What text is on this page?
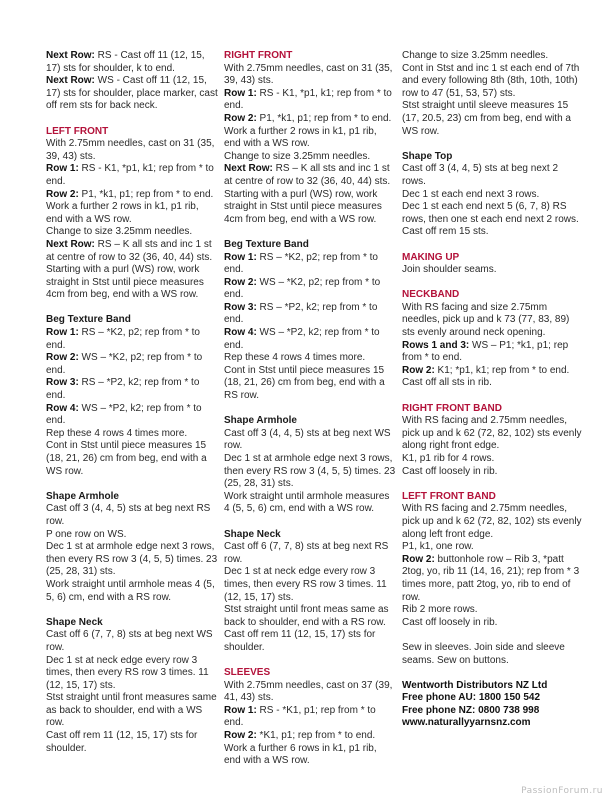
Next Row: RS - Cast off 11 (12, 15, 17) sts for shoulder, k to end.

Next Row: WS - Cast off 11 (12, 15, 17) sts for shoulder, place marker, cast off rem sts for back neck.

LEFT FRONT

With 2.75mm needles, cast on 31 (35, 39, 43) sts.

Row 1: RS - K1, *p1, k1; rep from * to end.

Row 2: P1, *k1, p1; rep from * to end.

Work a further 2 rows in k1, p1 rib, end with a WS row.

Change to size 3.25mm needles.

Next Row: RS – K all sts and inc 1 st at centre of row to 32 (36, 40, 44) sts.

Starting with a purl (WS) row, work straight in Stst until piece measures 4cm from beg, end with a WS row.

Beg Texture Band

Row 1: RS – *K2, p2; rep from * to end.

Row 2: WS – *K2, p2; rep from * to end.

Row 3: RS – *P2, k2; rep from * to end.

Row 4: WS – *P2, k2; rep from * to end.

Rep these 4 rows 4 times more.

Cont in Stst until piece measures 15 (18, 21, 26) cm from beg, end with a WS row.

Shape Armhole

Cast off 3 (4, 4, 5) sts at beg next RS row.

P one row on WS.

Dec 1 st at armhole edge next 3 rows, then every RS row 3 (4, 5, 5) times. 23 (25, 28, 31) sts.

Work straight until armhole meas 4 (5, 5, 6) cm, end with a RS row.

Shape Neck

Cast off 6 (7, 7, 8) sts at beg next WS row.

Dec 1 st at neck edge every row 3 times, then every RS row 3 times. 11 (12, 15, 17) sts.

Stst straight until front measures same as back to shoulder, end with a WS row.

Cast off rem 11 (12, 15, 17) sts for shoulder.

RIGHT FRONT

With 2.75mm needles, cast on 31 (35, 39, 43) sts.

Row 1: RS - K1, *p1, k1; rep from * to end.

Row 2: P1, *k1, p1; rep from * to end.

Work a further 2 rows in k1, p1 rib, end with a WS row.

Change to size 3.25mm needles.

Next Row: RS – K all sts and inc 1 st at centre of row to 32 (36, 40, 44) sts.

Starting with a purl (WS) row, work straight in Stst until piece measures 4cm from beg, end with a WS row.

Beg Texture Band

Row 1: RS – *K2, p2; rep from * to end.

Row 2: WS – *K2, p2; rep from * to end.

Row 3: RS – *P2, k2; rep from * to end.

Row 4: WS – *P2, k2; rep from * to end.

Rep these 4 rows 4 times more.

Cont in Stst until piece measures 15 (18, 21, 26) cm from beg, end with a RS row.

Shape Armhole

Cast off 3 (4, 4, 5) sts at beg next WS row.

Dec 1 st at armhole edge next 3 rows, then every RS row 3 (4, 5, 5) times. 23 (25, 28, 31) sts.

Work straight until armhole measures 4 (5, 5, 6) cm, end with a WS row.

Shape Neck

Cast off 6 (7, 7, 8) sts at beg next RS row.

Dec 1 st at neck edge every row 3 times, then every RS row 3 times. 11 (12, 15, 17) sts.

Stst straight until front meas same as back to shoulder, end with a RS row.

Cast off rem 11 (12, 15, 17) sts for shoulder.

SLEEVES

With 2.75mm needles, cast on 37 (39, 41, 43) sts.

Row 1: RS - *K1, p1; rep from * to end.

Row 2: *K1, p1; rep from * to end.

Work a further 6 rows in k1, p1 rib, end with a WS row.

Change to size 3.25mm needles.

Cont in Stst and inc 1 st each end of 7th and every following 8th (8th, 10th, 10th) row to 47 (51, 53, 57) sts.

Stst straight until sleeve measures 15 (17, 20.5, 23) cm from beg, end with a WS row.

Shape Top

Cast off 3 (4, 4, 5) sts at beg next 2 rows.

Dec 1 st each end next 3 rows.

Dec 1 st each end next 5 (6, 7, 8) RS rows, then one st each end next 2 rows.

Cast off rem 15 sts.

MAKING UP

Join shoulder seams.

NECKBAND

With RS facing and size 2.75mm needles, pick up and k 73 (77, 83, 89) sts evenly around neck opening.

Rows 1 and 3: WS – P1; *k1, p1; rep from * to end.

Row 2: K1; *p1, k1; rep from * to end.

Cast off all sts in rib.

RIGHT FRONT BAND

With RS facing and 2.75mm needles, pick up and k 62 (72, 82, 102) sts evenly along right front edge.

K1, p1 rib for 4 rows.

Cast off loosely in rib.

LEFT FRONT BAND

With RS facing and 2.75mm needles, pick up and k 62 (72, 82, 102) sts evenly along left front edge.

P1, k1, one row.

Row 2: buttonhole row – Rib 3, *patt 2tog, yo, rib 11 (14, 16, 21); rep from * 3 times more, patt 2tog, yo, rib to end of row.

Rib 2 more rows.

Cast off loosely in rib.

Sew in sleeves. Join side and sleeve seams. Sew on buttons.

Wentworth Distributors NZ Ltd

Free phone AU: 1800 150 542

Free phone NZ: 0800 738 998

www.naturallyyarnsnz.com

PassionForum.ru
